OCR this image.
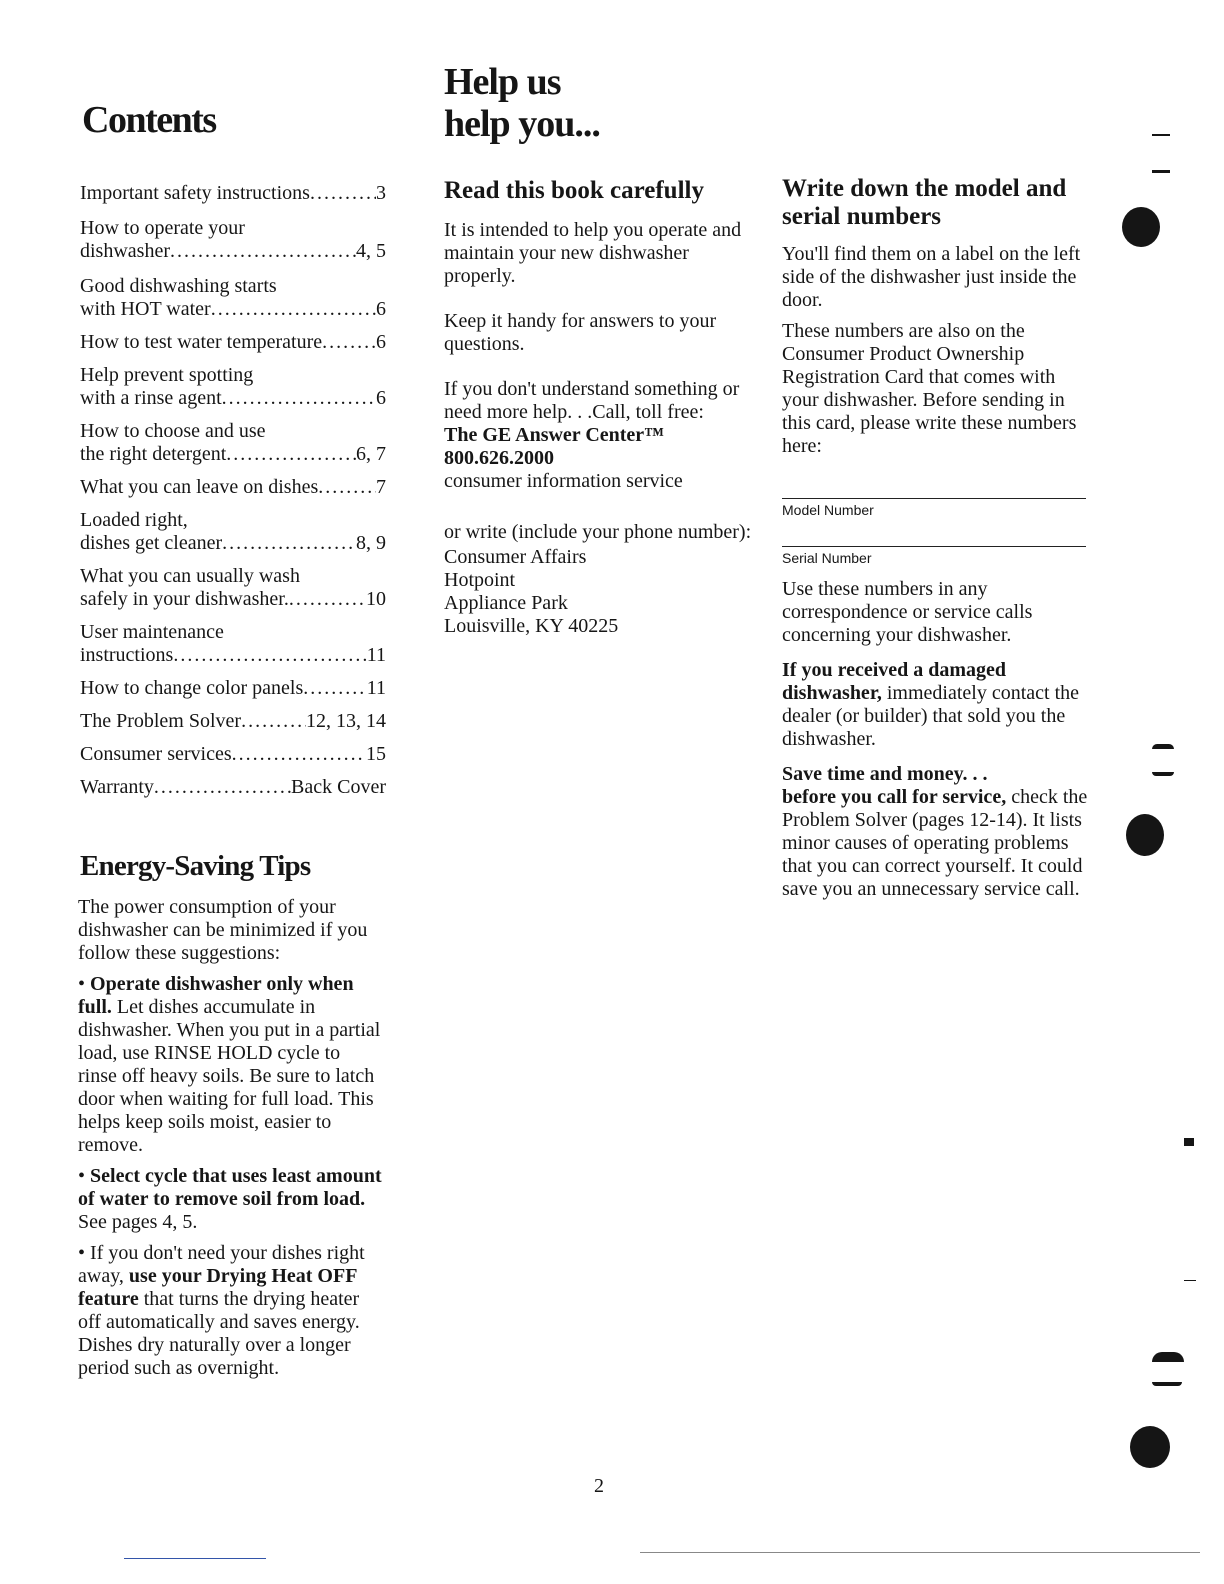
Contents
Important safety instructions .....	3
How to operate your
dishwasher .....	4, 5
Good dishwashing starts
with HOT water .....	6
How to test water temperature .....	6
Help prevent spotting
with a rinse agent .....	6
How to choose and use
the right detergent .....	6, 7
What you can leave on dishes .....	7
Loaded right,
dishes get cleaner .....	8, 9
What you can usually wash
safely in your dishwasher. .....	10
User maintenance
instructions .....	11
How to change color panels .....	11
The Problem Solver .....	12, 13, 14
Consumer services .....	15
Warranty .....	Back Cover
Energy-Saving Tips

The power consumption of your dishwasher can be minimized if you follow these suggestions:

• Operate dishwasher only when full. Let dishes accumulate in dishwasher. When you put in a partial load, use RINSE HOLD cycle to rinse off heavy soils. Be sure to latch door when waiting for full load. This helps keep soils moist, easier to remove.

• Select cycle that uses least amount of water to remove soil from load. See pages 4, 5.

• If you don't need your dishes right away, use your Drying Heat OFF feature that turns the drying heater off automatically and saves energy. Dishes dry naturally over a longer period such as overnight.

Help us
help you...
Read this book carefully

It is intended to help you operate and maintain your new dishwasher properly.

Keep it handy for answers to your questions.

If you don't understand something or need more help. . .Call, toll free:

The GE Answer Center™

800.626.2000

consumer information service

or write (include your phone number):

Consumer Affairs

Hotpoint

Appliance Park

Louisville, KY 40225

Write down the model and serial numbers

You'll find them on a label on the left side of the dishwasher just inside the door.

These numbers are also on the Consumer Product Ownership Registration Card that comes with your dishwasher. Before sending in this card, please write these numbers here:

Model Number
Serial Number

Use these numbers in any correspondence or service calls concerning your dishwasher.

If you received a damaged dishwasher, immediately contact the dealer (or builder) that sold you the dishwasher.

Save time and money. . .
before you call for service, check the Problem Solver (pages 12-14). It lists minor causes of operating problems that you can correct yourself. It could save you an unnecessary service call.

2
